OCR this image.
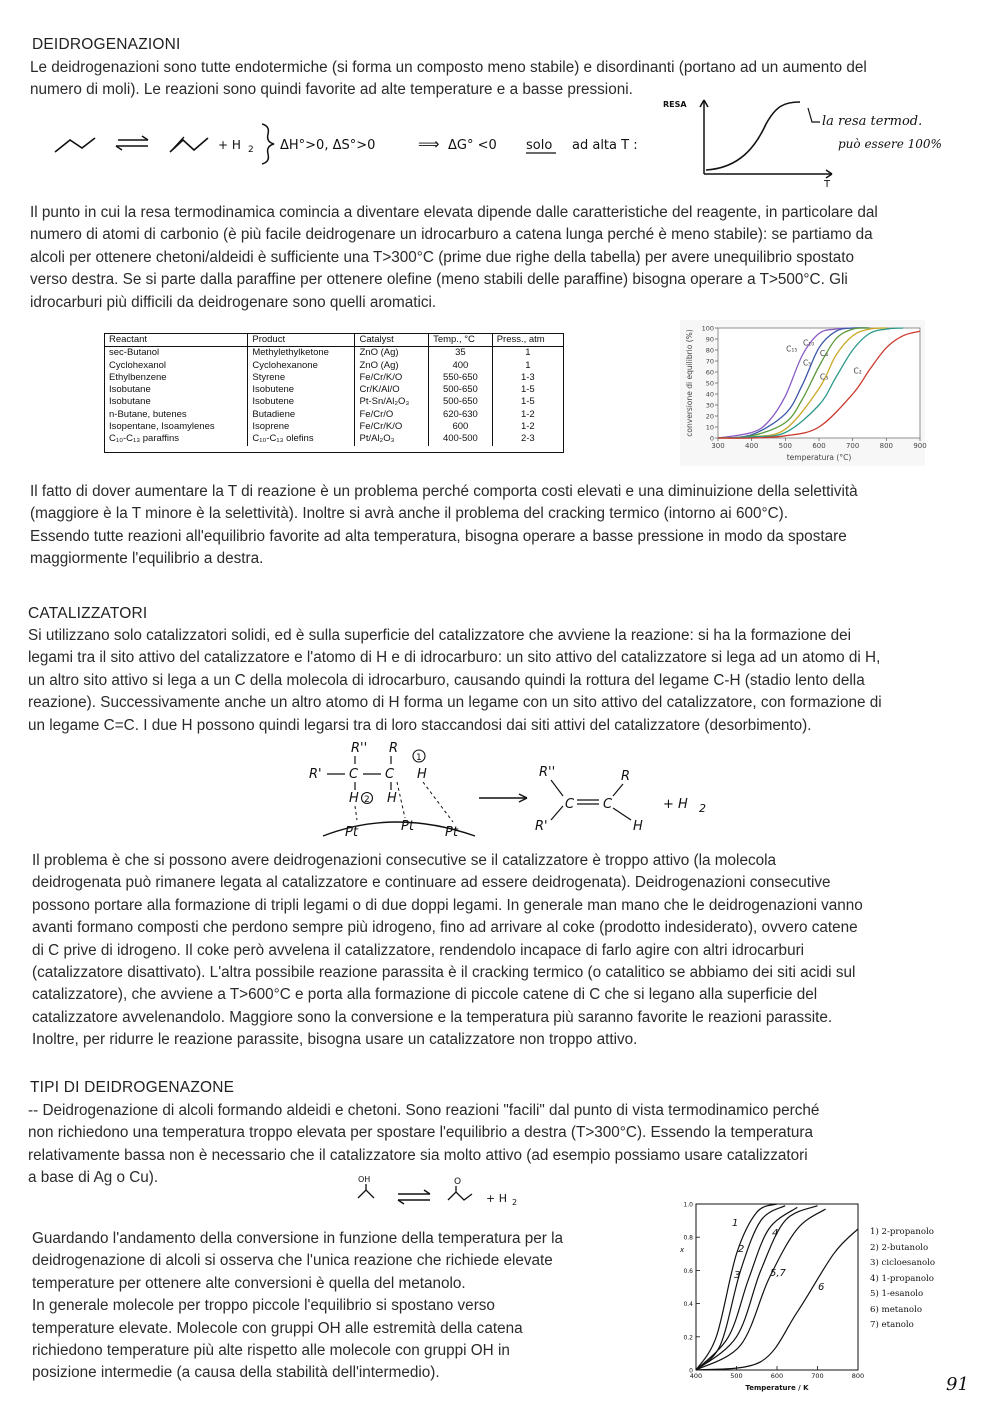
DEIDROGENAZIONI
Le deidrogenazioni sono tutte endotermiche (si forma un composto meno stabile) e disordinanti (portano ad un aumento del
numero di moli). Le reazioni sono quindi favorite ad alte temperature e a basse pressioni.
+ H 2 ΔH°>0, ΔS°>0	⟹ ΔG° <0 solo ad alta T :
RESA
T
la resa termod.
può essere 100%
Il punto in cui la resa termodinamica comincia a diventare elevata dipende dalle caratteristiche del reagente, in particolare dal
numero di atomi di carbonio (è più facile deidrogenare un idrocarburo a catena lunga perché è meno stabile): se partiamo da
alcoli per ottenere chetoni/aldeidi è sufficiente una T>300°C (prime due righe della tabella) per avere unequilibrio spostato
verso destra. Se si parte dalla paraffine per ottenere olefine (meno stabili delle paraffine) bisogna operare a T>500°C. Gli
idrocarburi più difficili da deidrogenare sono quelli aromatici.
Reactant	Product	Catalyst	Temp., °C	Press., atm
sec-Butanol	Methylethylketone	ZnO (Ag)	35	1
Cyclohexanol	Cyclohexanone	ZnO (Ag)	400	1
Ethylbenzene	Styrene	Fe/Cr/K/O	550-650	1-3
Isobutane	Isobutene	Cr/K/Al/O	500-650	1-5
Isobutane	Isobutene	Pt-Sn/Al₂O₃	500-650	1-5
n-Butane, butenes	Butadiene	Fe/Cr/O	620-630	1-2
Isopentane, Isoamylenes	Isoprene	Fe/Cr/K/O	600	1-2
C₁₀-C₁₃ paraffins	C₁₀-C₁₃ olefins	Pt/Al₂O₃	400-500	2-3	0
10
20
30
40
50
60
70
80
90
100
300	400	500	600	700	800	900
temperatura (°C)
conversione di equilibrio (%)	C₁₅
C₁₀
C₅
C₄
C₃
C₂
Il fatto di dover aumentare la T di reazione è un problema perché comporta costi elevati e una diminuizione della selettività
(maggiore è la T minore è la selettività). Inoltre si avrà anche il problema del cracking termico (intorno ai 600°C).
Essendo tutte reazioni all'equilibrio favorite ad alta temperatura, bisogna operare a basse pressione in modo da spostare
maggiormente l'equilibrio a destra.
CATALIZZATORI
Si utilizzano solo catalizzatori solidi, ed è sulla superficie del catalizzatore che avviene la reazione: si ha la formazione dei
legami tra il sito attivo del catalizzatore e l'atomo di H e di idrocarburo: un sito attivo del catalizzatore si lega ad un atomo di H,
un altro sito attivo si lega a un C della molecola di idrocarburo, causando quindi la rottura del legame C-H (stadio lento della
reazione). Successivamente anche un altro atomo di H forma un legame con un sito attivo del catalizzatore, con formazione di
un legame C=C. I due H possono quindi legarsi tra di loro staccandosi dai siti attivi del catalizzatore (desorbimento).
R'
R'' R
C C H
H H
Pt	Pt Pt
1
2
R''
R'
C C
R
H
+ H 2
Il problema è che si possono avere deidrogenazioni consecutive se il catalizzatore è troppo attivo (la molecola
deidrogenata può rimanere legata al catalizzatore e continuare ad essere deidrogenata). Deidrogenazioni consecutive
possono portare alla formazione di tripli legami o di due doppi legami. In generale man mano che le deidrogenazioni vanno
avanti formano composti che perdono sempre più idrogeno, fino ad arrivare al coke (prodotto indesiderato), ovvero catene
di C prive di idrogeno. Il coke però avvelena il catalizzatore, rendendolo incapace di farlo agire con altri idrocarburi
(catalizzatore disattivato). L'altra possibile reazione parassita è il cracking termico (o catalitico se abbiamo dei siti acidi sul
catalizzatore), che avviene a T>600°C e porta alla formazione di piccole catene di C che si legano alla superficie del
catalizzatore avvelenandolo. Maggiore sono la conversione e la temperatura più saranno favorite le reazioni parassite.
Inoltre, per ridurre le reazione parassite, bisogna usare un catalizzatore non troppo attivo.
TIPI DI DEIDROGENAZONE
-- Deidrogenazione di alcoli formando aldeidi e chetoni. Sono reazioni "facili" dal punto di vista termodinamico perché
non richiedono una temperatura troppo elevata per spostare l'equilibrio a destra (T>300°C). Essendo la temperatura
relativamente bassa non è necessario che il catalizzatore sia molto attivo (ad esempio possiamo usare catalizzatori
a base di Ag o Cu).	OH	O
+ H 2
Guardando l'andamento della conversione in funzione della temperatura per la
deidrogenazione di alcoli si osserva che l'unica reazione che richiede elevate
temperature per ottenere alte conversioni è quella del metanolo.
In generale molecole per troppo piccole l'equilibrio si spostano verso
temperature elevate. Molecole con gruppi OH alle estremità della catena
richiedono temperature più alte rispetto alle molecole con gruppi OH in
posizione intermedie (a causa della stabilità dell'intermedio).	0
0.2
0.4
0.6
0.8
1.0
400	500	600	700	800
Temperature / K
x
1
2
3
4
5,7
6
1) 2-propanolo
2) 2-butanolo
3) cicloesanolo
4) 1-propanolo
5) 1-esanolo
6) metanolo
7) etanolo
91
